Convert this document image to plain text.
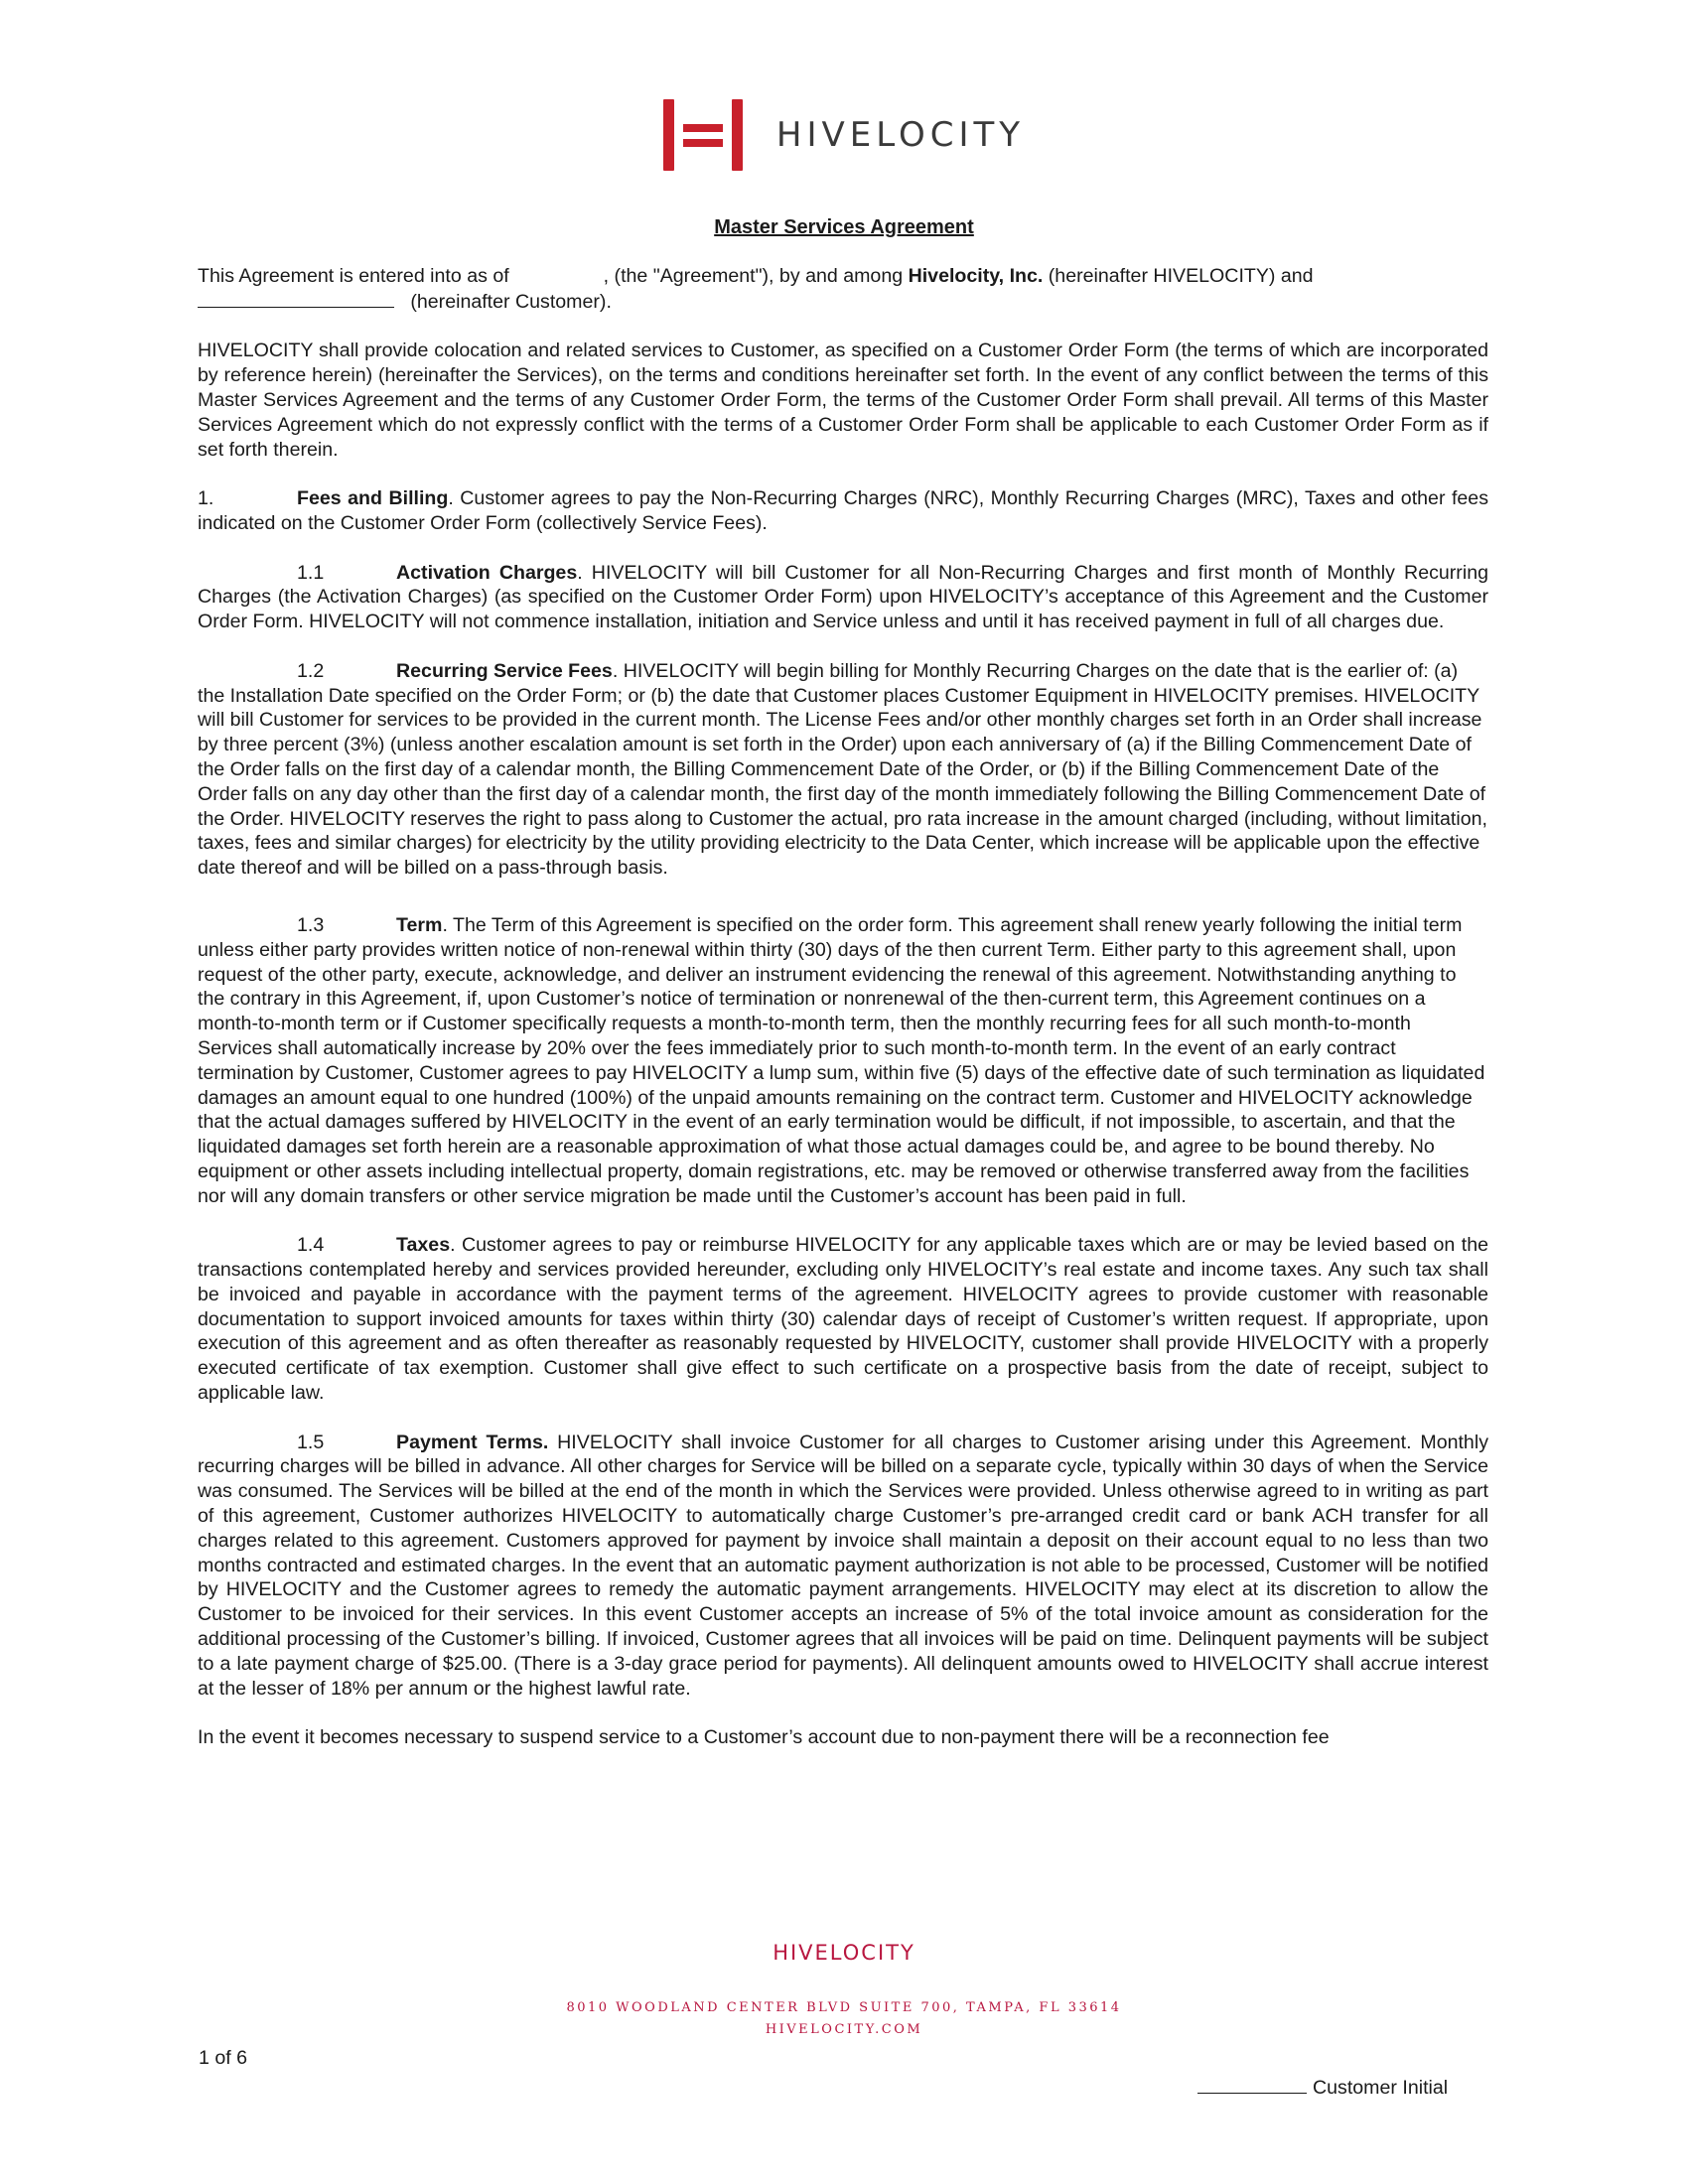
HIVELOCITY
Master Services Agreement

This Agreement is entered into as of	, (the "Agreement"), by and among Hivelocity, Inc. (hereinafter HIVELOCITY) and
(hereinafter Customer).

HIVELOCITY shall provide colocation and related services to Customer, as specified on a Customer Order Form (the terms of which are incorporated by reference herein) (hereinafter the Services), on the terms and conditions hereinafter set forth. In the event of any conflict between the terms of this Master Services Agreement and the terms of any Customer Order Form, the terms of the Customer Order Form shall prevail. All terms of this Master Services Agreement which do not expressly conflict with the terms of a Customer Order Form shall be applicable to each Customer Order Form as if set forth therein.

1.	Fees and Billing. Customer agrees to pay the Non-Recurring Charges (NRC), Monthly Recurring Charges (MRC), Taxes and other fees indicated on the Customer Order Form (collectively Service Fees).

1.1	Activation Charges. HIVELOCITY will bill Customer for all Non-Recurring Charges and first month of Monthly Recurring Charges (the Activation Charges) (as specified on the Customer Order Form) upon HIVELOCITY’s acceptance of this Agreement and the Customer Order Form. HIVELOCITY will not commence installation, initiation and Service unless and until it has received payment in full of all charges due.

1.2	Recurring Service Fees. HIVELOCITY will begin billing for Monthly Recurring Charges on the date that is the earlier of: (a) the Installation Date specified on the Order Form; or (b) the date that Customer places Customer Equipment in HIVELOCITY premises. HIVELOCITY will bill Customer for services to be provided in the current month. The License Fees and/or other monthly charges set forth in an Order shall increase by three percent (3%) (unless another escalation amount is set forth in the Order) upon each anniversary of (a) if the Billing Commencement Date of the Order falls on the first day of a calendar month, the Billing Commencement Date of the Order, or (b) if the Billing Commencement Date of the Order falls on any day other than the first day of a calendar month, the first day of the month immediately following the Billing Commencement Date of the Order. HIVELOCITY reserves the right to pass along to Customer the actual, pro rata increase in the amount charged (including, without limitation, taxes, fees and similar charges) for electricity by the utility providing electricity to the Data Center, which increase will be applicable upon the effective date thereof and will be billed on a pass-through basis.

1.3	Term. The Term of this Agreement is specified on the order form. This agreement shall renew yearly following the initial term unless either party provides written notice of non-renewal within thirty (30) days of the then current Term. Either party to this agreement shall, upon request of the other party, execute, acknowledge, and deliver an instrument evidencing the renewal of this agreement. Notwithstanding anything to the contrary in this Agreement, if, upon Customer’s notice of termination or nonrenewal of the then-current term, this Agreement continues on a month-to-month term or if Customer specifically requests a month-to-month term, then the monthly recurring fees for all such month-to-month Services shall automatically increase by 20% over the fees immediately prior to such month-to-month term. In the event of an early contract termination by Customer, Customer agrees to pay HIVELOCITY a lump sum, within five (5) days of the effective date of such termination as liquidated damages an amount equal to one hundred (100%) of the unpaid amounts remaining on the contract term. Customer and HIVELOCITY acknowledge that the actual damages suffered by HIVELOCITY in the event of an early termination would be difficult, if not impossible, to ascertain, and that the liquidated damages set forth herein are a reasonable approximation of what those actual damages could be, and agree to be bound thereby. No equipment or other assets including intellectual property, domain registrations, etc. may be removed or otherwise transferred away from the facilities nor will any domain transfers or other service migration be made until the Customer’s account has been paid in full.

1.4	Taxes. Customer agrees to pay or reimburse HIVELOCITY for any applicable taxes which are or may be levied based on the transactions contemplated hereby and services provided hereunder, excluding only HIVELOCITY’s real estate and income taxes. Any such tax shall be invoiced and payable in accordance with the payment terms of the agreement. HIVELOCITY agrees to provide customer with reasonable documentation to support invoiced amounts for taxes within thirty (30) calendar days of receipt of Customer’s written request. If appropriate, upon execution of this agreement and as often thereafter as reasonably requested by HIVELOCITY, customer shall provide HIVELOCITY with a properly executed certificate of tax exemption. Customer shall give effect to such certificate on a prospective basis from the date of receipt, subject to applicable law.

1.5	Payment Terms. HIVELOCITY shall invoice Customer for all charges to Customer arising under this Agreement. Monthly recurring charges will be billed in advance. All other charges for Service will be billed on a separate cycle, typically within 30 days of when the Service was consumed. The Services will be billed at the end of the month in which the Services were provided. Unless otherwise agreed to in writing as part of this agreement, Customer authorizes HIVELOCITY to automatically charge Customer’s pre-arranged credit card or bank ACH transfer for all charges related to this agreement. Customers approved for payment by invoice shall maintain a deposit on their account equal to no less than two months contracted and estimated charges. In the event that an automatic payment authorization is not able to be processed, Customer will be notified by HIVELOCITY and the Customer agrees to remedy the automatic payment arrangements. HIVELOCITY may elect at its discretion to allow the Customer to be invoiced for their services. In this event Customer accepts an increase of 5% of the total invoice amount as consideration for the additional processing of the Customer’s billing. If invoiced, Customer agrees that all invoices will be paid on time. Delinquent payments will be subject to a late payment charge of $25.00. (There is a 3-day grace period for payments). All delinquent amounts owed to HIVELOCITY shall accrue interest at the lesser of 18% per annum or the highest lawful rate.

In the event it becomes necessary to suspend service to a Customer’s account due to non-payment there will be a reconnection fee

HIVELOCITY
8010 WOODLAND CENTER BLVD SUITE 700, TAMPA, FL 33614
HIVELOCITY.COM
1 of 6
Customer Initial
